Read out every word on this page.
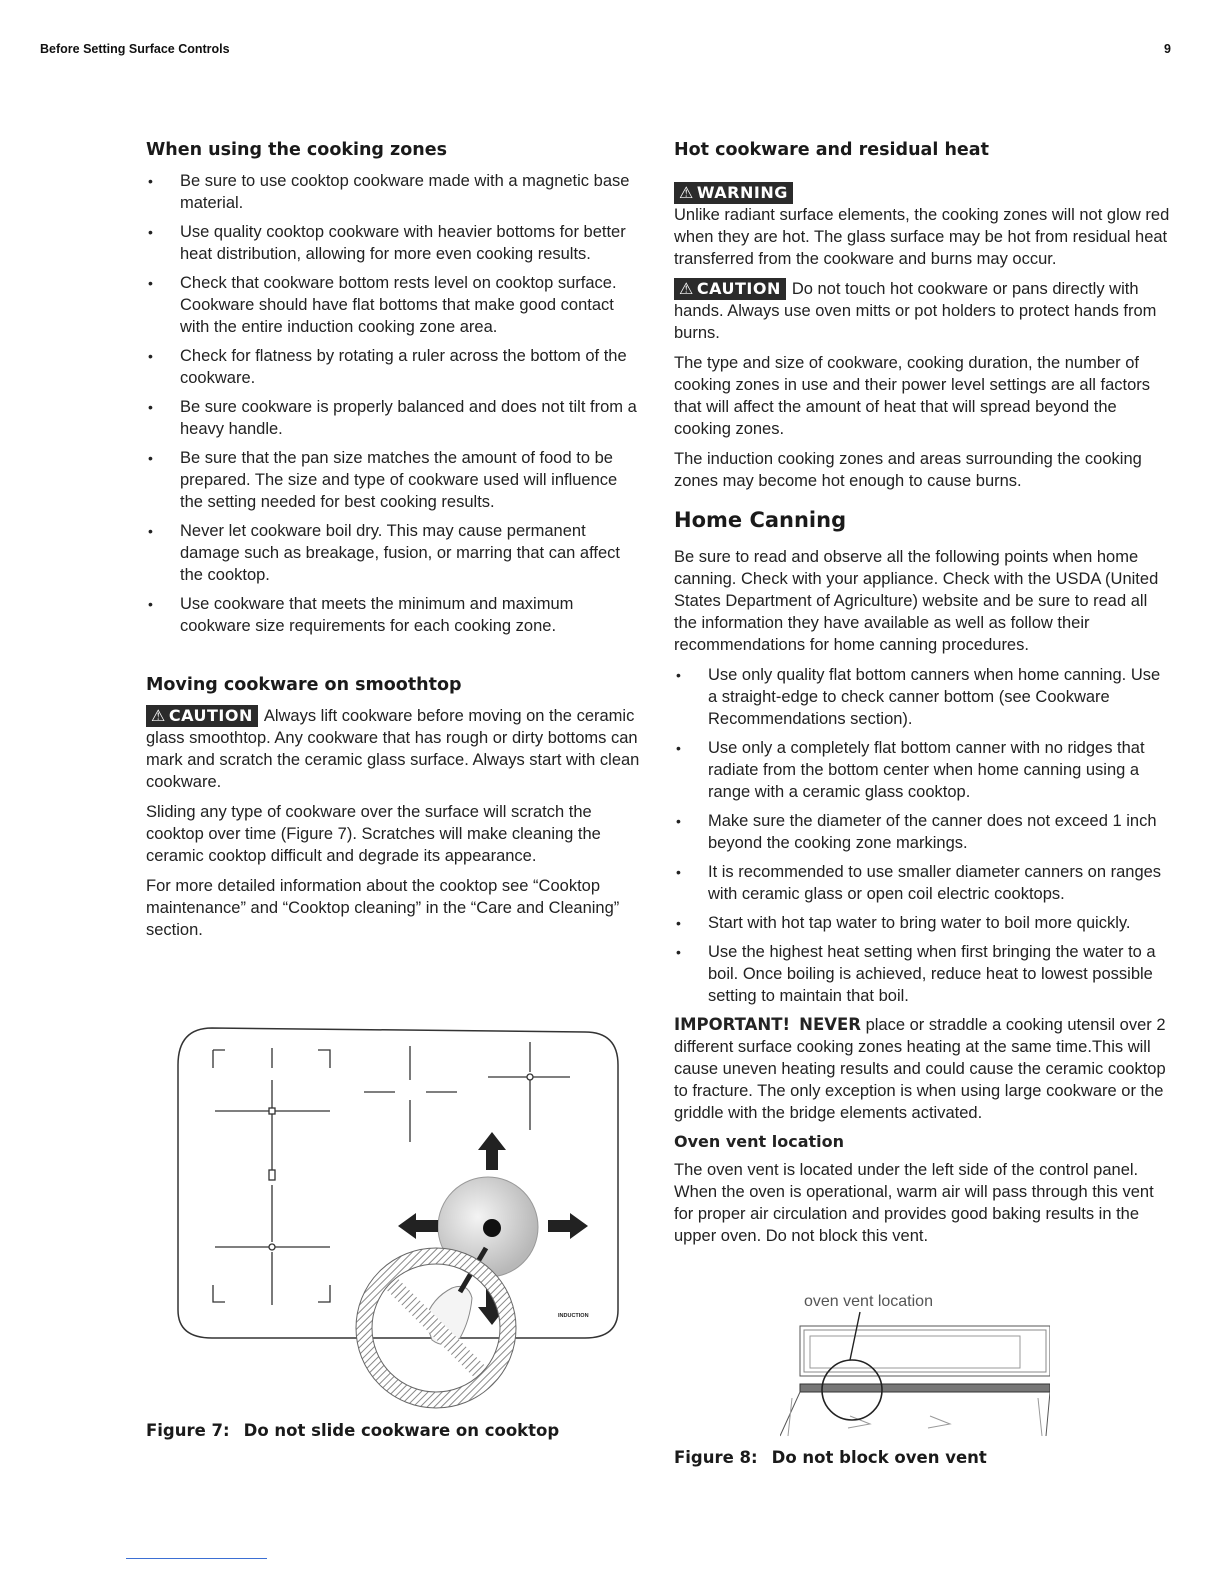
Before Setting Surface Controls	9
When using the cooking zones
• Be sure to use cooktop cookware made with a magnetic base material.
• Use quality cooktop cookware with heavier bottoms for better heat distribution, allowing for more even cooking results.
• Check that cookware bottom rests level on cooktop surface. Cookware should have flat bottoms that make good contact with the entire induction cooking zone area.
• Check for flatness by rotating a ruler across the bottom of the cookware.
• Be sure cookware is properly balanced and does not tilt from a heavy handle.
• Be sure that the pan size matches the amount of food to be prepared. The size and type of cookware used will influence the setting needed for best cooking results.
• Never let cookware boil dry. This may cause permanent damage such as breakage, fusion, or marring that can affect the cooktop.
• Use cookware that meets the minimum and maximum cookware size requirements for each cooking zone.
Moving cookware on smoothtop

⚠ CAUTION Always lift cookware before moving on the ceramic glass smoothtop. Any cookware that has rough or dirty bottoms can mark and scratch the ceramic glass surface. Always start with clean cookware.

Sliding any type of cookware over the surface will scratch the cooktop over time (Figure 7). Scratches will make cleaning the ceramic cooktop difficult and degrade its appearance.

For more detailed information about the cooktop see “Cooktop maintenance” and “Cooktop cleaning” in the “Care and Cleaning” section.

INDUCTION
Figure 7: Do not slide cookware on cooktop
Hot cookware and residual heat
⚠ WARNING

Unlike radiant surface elements, the cooking zones will not glow red when they are hot. The glass surface may be hot from residual heat transferred from the cookware and burns may occur.

⚠ CAUTION Do not touch hot cookware or pans directly with hands. Always use oven mitts or pot holders to protect hands from burns.

The type and size of cookware, cooking duration, the number of cooking zones in use and their power level settings are all factors that will affect the amount of heat that will spread beyond the cooking zones.

The induction cooking zones and areas surrounding the cooking zones may become hot enough to cause burns.

Home Canning

Be sure to read and observe all the following points when home canning. Check with your appliance. Check with the USDA (United States Department of Agriculture) website and be sure to read all the information they have available as well as follow their recommendations for home canning procedures.

• Use only quality flat bottom canners when home canning. Use a straight-edge to check canner bottom (see Cookware Recommendations section).
• Use only a completely flat bottom canner with no ridges that radiate from the bottom center when home canning using a range with a ceramic glass cooktop.
• Make sure the diameter of the canner does not exceed 1 inch beyond the cooking zone markings.
• It is recommended to use smaller diameter canners on ranges with ceramic glass or open coil electric cooktops.
• Start with hot tap water to bring water to boil more quickly.
• Use the highest heat setting when first bringing the water to a boil. Once boiling is achieved, reduce heat to lowest possible setting to maintain that boil.

IMPORTANT! NEVER place or straddle a cooking utensil over 2 different surface cooking zones heating at the same time.This will cause uneven heating results and could cause the ceramic cooktop to fracture. The only exception is when using large cookware or the griddle with the bridge elements activated.

Oven vent location

The oven vent is located under the left side of the control panel. When the oven is operational, warm air will pass through this vent for proper air circulation and provides good baking results in the upper oven. Do not block this vent.

oven vent location
Figure 8: Do not block oven vent
